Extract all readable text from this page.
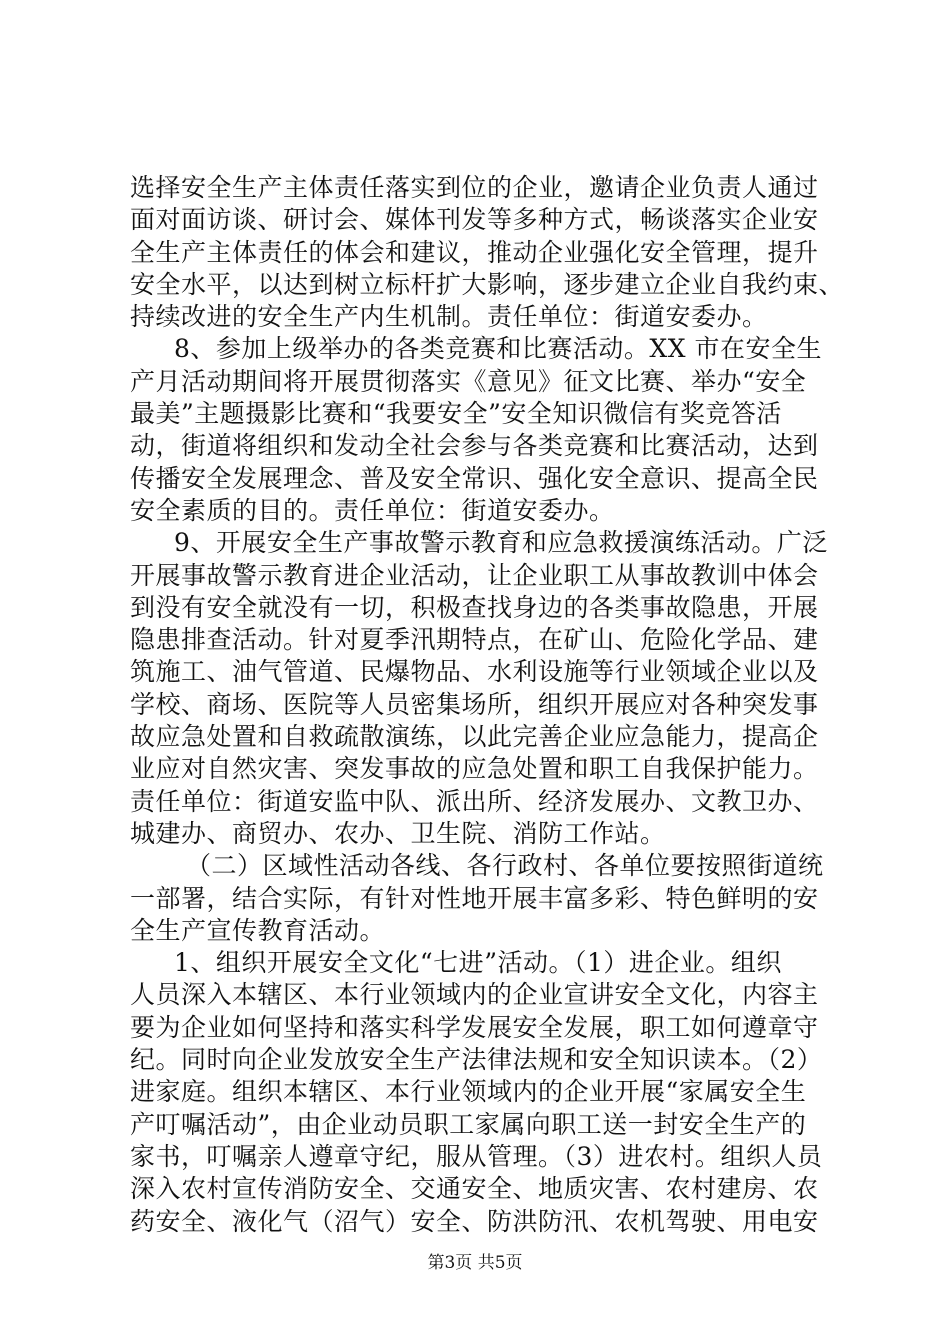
选择安全生产主体责任落实到位的企业，邀请企业负责人通过
面对面访谈、研讨会、媒体刊发等多种方式，畅谈落实企业安
全生产主体责任的体会和建议，推动企业强化安全管理，提升
安全水平，以达到树立标杆扩大影响，逐步建立企业自我约束、
持续改进的安全生产内生机制。责任单位：街道安委办。
8、参加上级举办的各类竞赛和比赛活动。XX 市在安全生
产月活动期间将开展贯彻落实《意见》征文比赛、举办“安全
最美”主题摄影比赛和“我要安全”安全知识微信有奖竞答活
动，街道将组织和发动全社会参与各类竞赛和比赛活动，达到
传播安全发展理念、普及安全常识、强化安全意识、提高全民
安全素质的目的。责任单位：街道安委办。
9、开展安全生产事故警示教育和应急救援演练活动。广泛
开展事故警示教育进企业活动，让企业职工从事故教训中体会
到没有安全就没有一切，积极查找身边的各类事故隐患，开展
隐患排查活动。针对夏季汛期特点，在矿山、危险化学品、建
筑施工、油气管道、民爆物品、水利设施等行业领域企业以及
学校、商场、医院等人员密集场所，组织开展应对各种突发事
故应急处置和自救疏散演练，以此完善企业应急能力，提高企
业应对自然灾害、突发事故的应急处置和职工自我保护能力。
责任单位：街道安监中队、派出所、经济发展办、文教卫办、
城建办、商贸办、农办、卫生院、消防工作站。
（二）区域性活动各线、各行政村、各单位要按照街道统
一部署，结合实际，有针对性地开展丰富多彩、特色鲜明的安
全生产宣传教育活动。
1、组织开展安全文化“七进”活动。（1）进企业。组织
人员深入本辖区、本行业领域内的企业宣讲安全文化，内容主
要为企业如何坚持和落实科学发展安全发展，职工如何遵章守
纪。同时向企业发放安全生产法律法规和安全知识读本。（2）
进家庭。组织本辖区、本行业领域内的企业开展“家属安全生
产叮嘱活动”，由企业动员职工家属向职工送一封安全生产的
家书，叮嘱亲人遵章守纪，服从管理。（3）进农村。组织人员
深入农村宣传消防安全、交通安全、地质灾害、农村建房、农
药安全、液化气（沼气）安全、防洪防汛、农机驾驶、用电安
第3页 共5页
